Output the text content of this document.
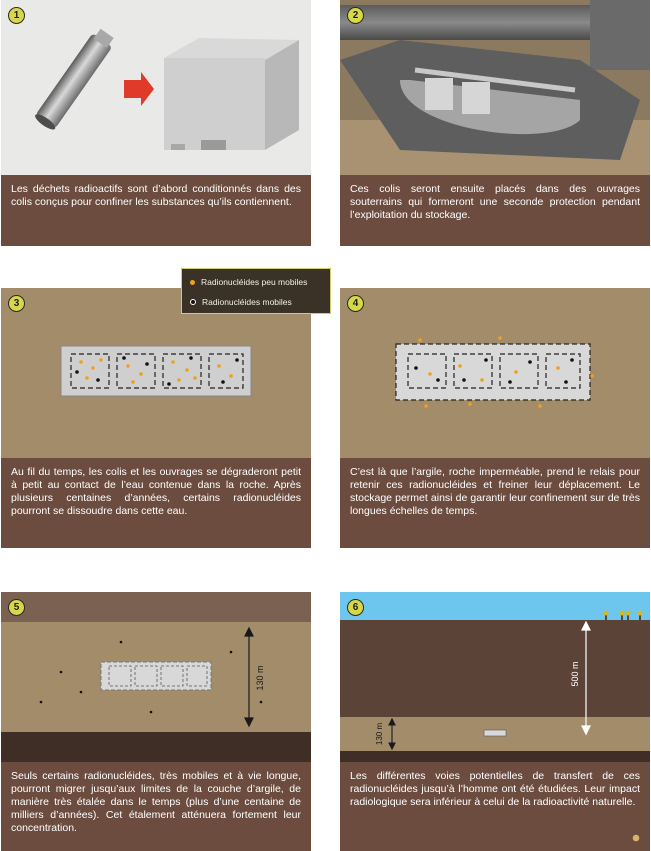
1
Les déchets radioactifs sont d’abord conditionnés dans des colis conçus pour confiner les substances qu’ils contiennent.
2
Ces colis seront ensuite placés dans des ouvrages souterrains qui formeront une seconde protection pendant l’exploitation du stockage.
3
Au fil du temps, les colis et les ouvrages se dégraderont petit à petit au contact de l’eau contenue dans la roche. Après plusieurs centaines d’années, certains radionucléides pourront se dissoudre dans cette eau.
Radionucléides peu mobiles
Radionucléides mobiles	4
C’est là que l’argile, roche imperméable, prend le relais pour retenir ces radionucléides et freiner leur déplacement. Le stockage permet ainsi de garantir leur confinement sur de très longues échelles de temps.
130 m
5
Seuls certains radionucléides, très mobiles et à vie longue, pourront migrer jusqu’aux limites de la couche d’argile, de manière très étalée dans le temps (plus d’une centaine de milliers d’années). Cet étalement atténuera fortement leur concentration.
500 m
130 m
6
Les différentes voies potentielles de transfert de ces radionucléides jusqu’à l’homme ont été étudiées. Leur impact radiologique sera inférieur à celui de la radioactivité naturelle.
